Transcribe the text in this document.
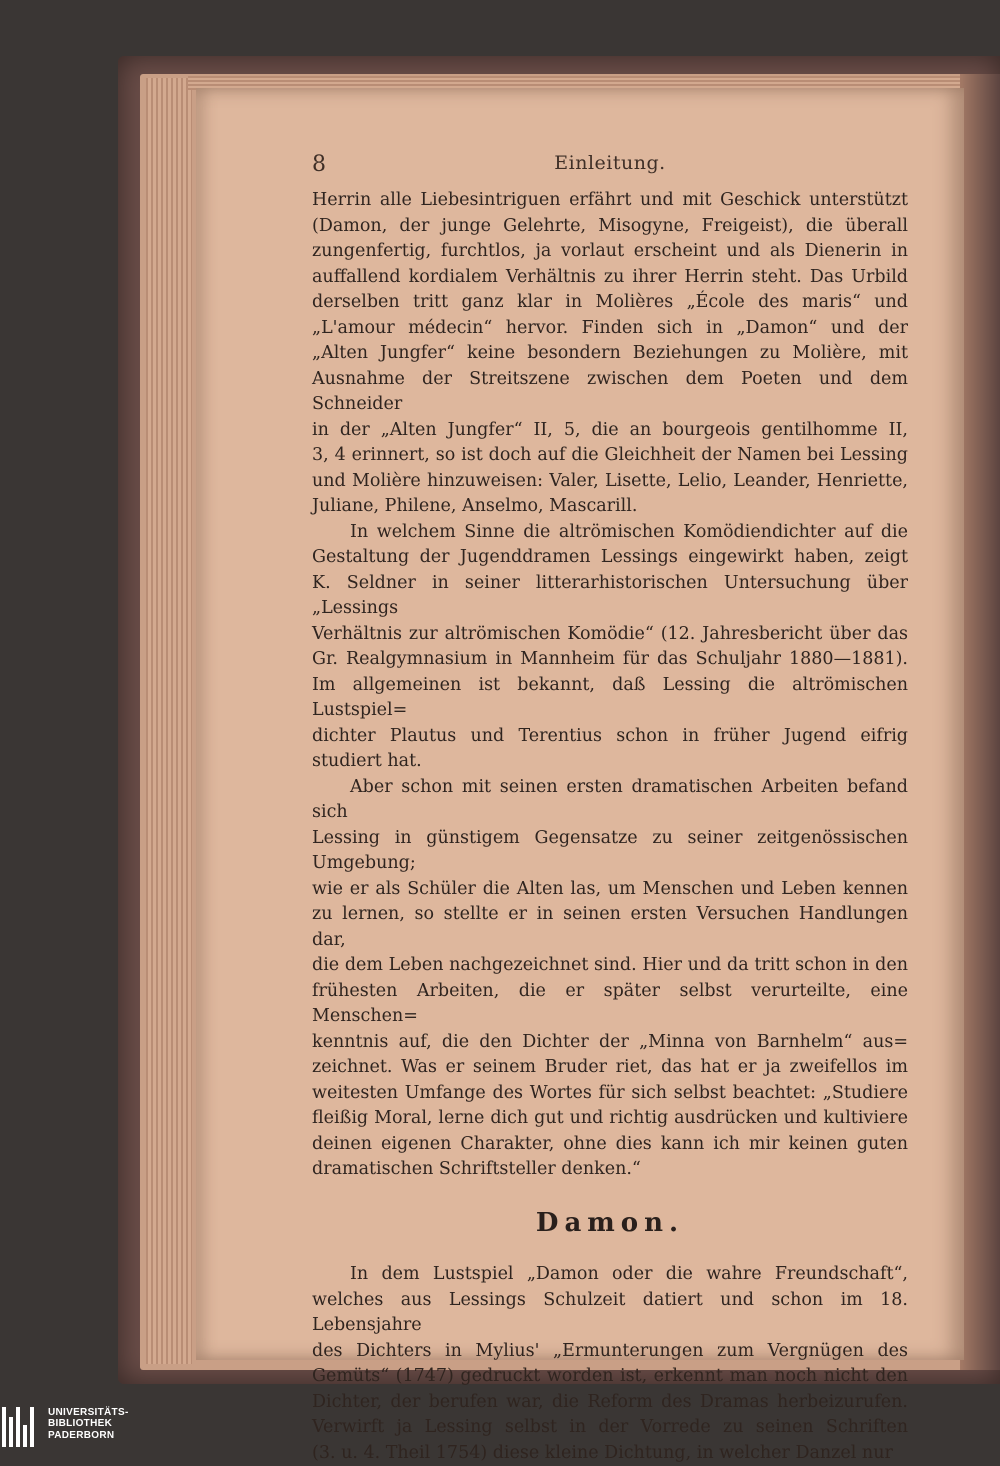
8	Einleitung.
Herrin alle Liebesintriguen erfährt und mit Geschick unterstützt
(Damon, der junge Gelehrte, Misogyne, Freigeist), die überall
zungenfertig, furchtlos, ja vorlaut erscheint und als Dienerin in
auffallend kordialem Verhältnis zu ihrer Herrin steht. Das Urbild
derselben tritt ganz klar in Molières „École des maris“ und
„L'amour médecin“ hervor. Finden sich in „Damon“ und der
„Alten Jungfer“ keine besondern Beziehungen zu Molière, mit
Ausnahme der Streitszene zwischen dem Poeten und dem Schneider
in der „Alten Jungfer“ II, 5, die an bourgeois gentilhomme II,
3, 4 erinnert, so ist doch auf die Gleichheit der Namen bei Lessing
und Molière hinzuweisen: Valer, Lisette, Lelio, Leander, Henriette,
Juliane, Philene, Anselmo, Mascarill.
In welchem Sinne die altrömischen Komödiendichter auf die
Gestaltung der Jugenddramen Lessings eingewirkt haben, zeigt
K. Seldner in seiner litterarhistorischen Untersuchung über „Lessings
Verhältnis zur altrömischen Komödie“ (12. Jahresbericht über das
Gr. Realgymnasium in Mannheim für das Schuljahr 1880—1881).
Im allgemeinen ist bekannt, daß Lessing die altrömischen Lustspiel=
dichter Plautus und Terentius schon in früher Jugend eifrig
studiert hat.
Aber schon mit seinen ersten dramatischen Arbeiten befand sich
Lessing in günstigem Gegensatze zu seiner zeitgenössischen Umgebung;
wie er als Schüler die Alten las, um Menschen und Leben kennen
zu lernen, so stellte er in seinen ersten Versuchen Handlungen dar,
die dem Leben nachgezeichnet sind. Hier und da tritt schon in den
frühesten Arbeiten, die er später selbst verurteilte, eine Menschen=
kenntnis auf, die den Dichter der „Minna von Barnhelm“ aus=
zeichnet. Was er seinem Bruder riet, das hat er ja zweifellos im
weitesten Umfange des Wortes für sich selbst beachtet: „Studiere
fleißig Moral, lerne dich gut und richtig ausdrücken und kultiviere
deinen eigenen Charakter, ohne dies kann ich mir keinen guten
dramatischen Schriftsteller denken.“
Damon.
In dem Lustspiel „Damon oder die wahre Freundschaft“,
welches aus Lessings Schulzeit datiert und schon im 18. Lebensjahre
des Dichters in Mylius' „Ermunterungen zum Vergnügen des
Gemüts“ (1747) gedruckt worden ist, erkennt man noch nicht den
Dichter, der berufen war, die Reform des Dramas herbeizurufen.
Verwirft ja Lessing selbst in der Vorrede zu seinen Schriften
(3. u. 4. Theil 1754) diese kleine Dichtung, in welcher Danzel nur
UNIVERSITÄTS-
BIBLIOTHEK
PADERBORN
